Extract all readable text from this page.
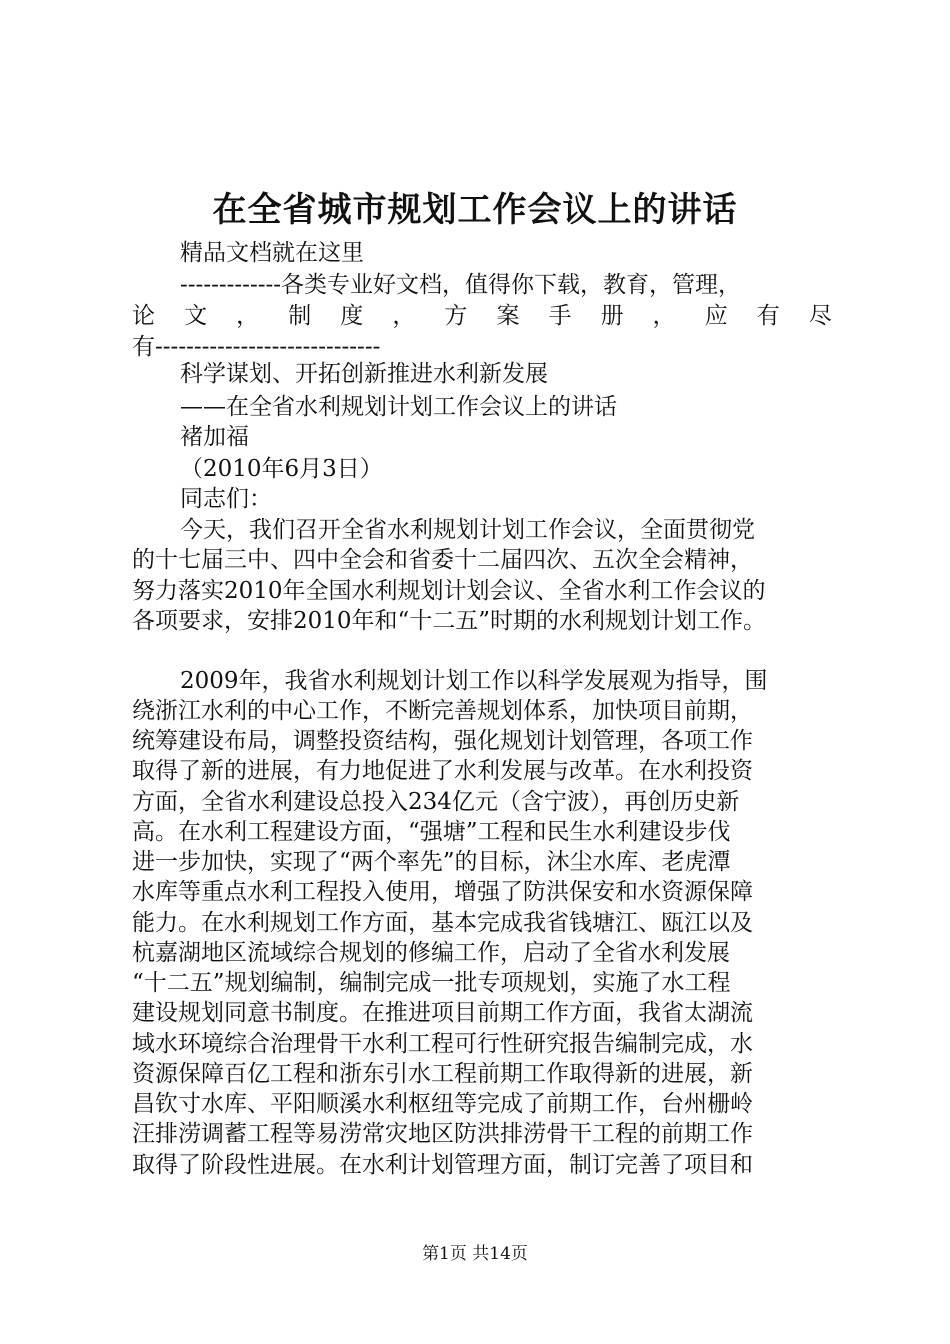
在全省城市规划工作会议上的讲话
精品文档就在这里
-------------各类专业好文档，值得你下载，教育，管理，
论 文 ， 制 度 ， 方 案 手 册 ， 应 有 尽
有-----------------------------
科学谋划、开拓创新推进水利新发展
——在全省水利规划计划工作会议上的讲话
褚加福
（2010年6月3日）
同志们：
今天，我们召开全省水利规划计划工作会议，全面贯彻党
的十七届三中、四中全会和省委十二届四次、五次全会精神，
努力落实2010年全国水利规划计划会议、全省水利工作会议的
各项要求，安排2010年和“十二五”时期的水利规划计划工作。
2009年，我省水利规划计划工作以科学发展观为指导，围
绕浙江水利的中心工作，不断完善规划体系，加快项目前期，
统筹建设布局，调整投资结构，强化规划计划管理，各项工作
取得了新的进展，有力地促进了水利发展与改革。在水利投资
方面，全省水利建设总投入234亿元（含宁波），再创历史新
高。在水利工程建设方面，“强塘”工程和民生水利建设步伐
进一步加快，实现了“两个率先”的目标，沐尘水库、老虎潭
水库等重点水利工程投入使用，增强了防洪保安和水资源保障
能力。在水利规划工作方面，基本完成我省钱塘江、瓯江以及
杭嘉湖地区流域综合规划的修编工作，启动了全省水利发展
“十二五”规划编制，编制完成一批专项规划，实施了水工程
建设规划同意书制度。在推进项目前期工作方面，我省太湖流
域水环境综合治理骨干水利工程可行性研究报告编制完成，水
资源保障百亿工程和浙东引水工程前期工作取得新的进展，新
昌钦寸水库、平阳顺溪水利枢纽等完成了前期工作，台州栅岭
汪排涝调蓄工程等易涝常灾地区防洪排涝骨干工程的前期工作
取得了阶段性进展。在水利计划管理方面，制订完善了项目和
第1页 共14页
